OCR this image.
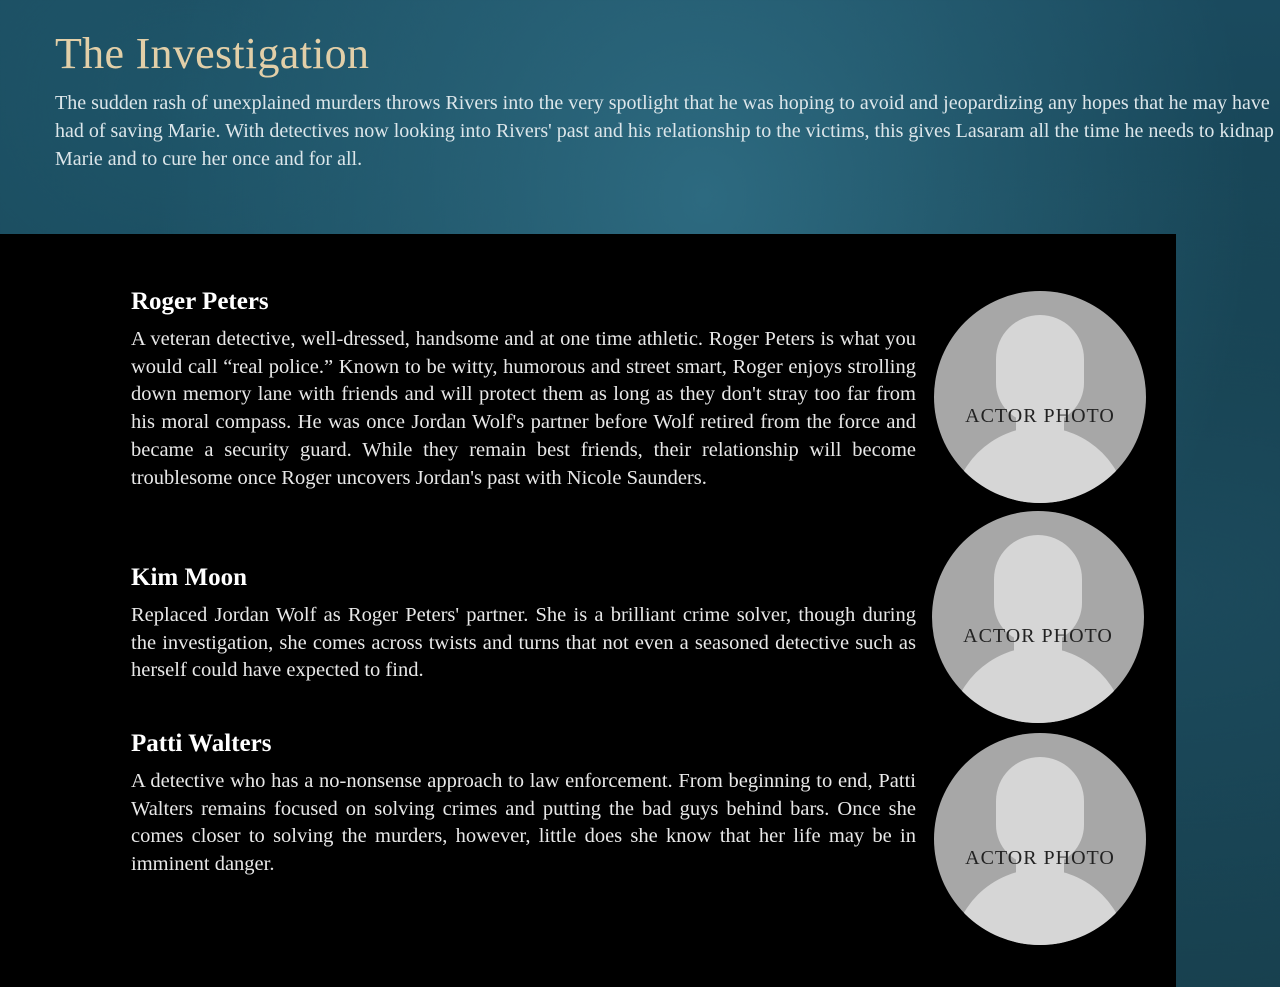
The Investigation

The sudden rash of unexplained murders throws Rivers into the very spotlight that he was hoping to avoid and jeopardizing any hopes that he may have had of saving Marie. With detectives now looking into Rivers' past and his relationship to the victims, this gives Lasaram all the time he needs to kidnap Marie and to cure her once and for all.

Roger Peters

A veteran detective, well-dressed, handsome and at one time athletic. Roger Peters is what you would call “real police.” Known to be witty, humorous and street smart, Roger enjoys strolling down memory lane with friends and will protect them as long as they don't stray too far from his moral compass. He was once Jordan Wolf's partner before Wolf retired from the force and became a security guard. While they remain best friends, their relationship will become troublesome once Roger uncovers Jordan's past with Nicole Saunders.

ACTOR PHOTO
Kim Moon

Replaced Jordan Wolf as Roger Peters' partner. She is a brilliant crime solver, though during the investigation, she comes across twists and turns that not even a seasoned detective such as herself could have expected to find.

ACTOR PHOTO
Patti Walters

A detective who has a no-nonsense approach to law enforcement. From beginning to end, Patti Walters remains focused on solving crimes and putting the bad guys behind bars. Once she comes closer to solving the murders, however, little does she know that her life may be in imminent danger.	ACTOR PHOTO
